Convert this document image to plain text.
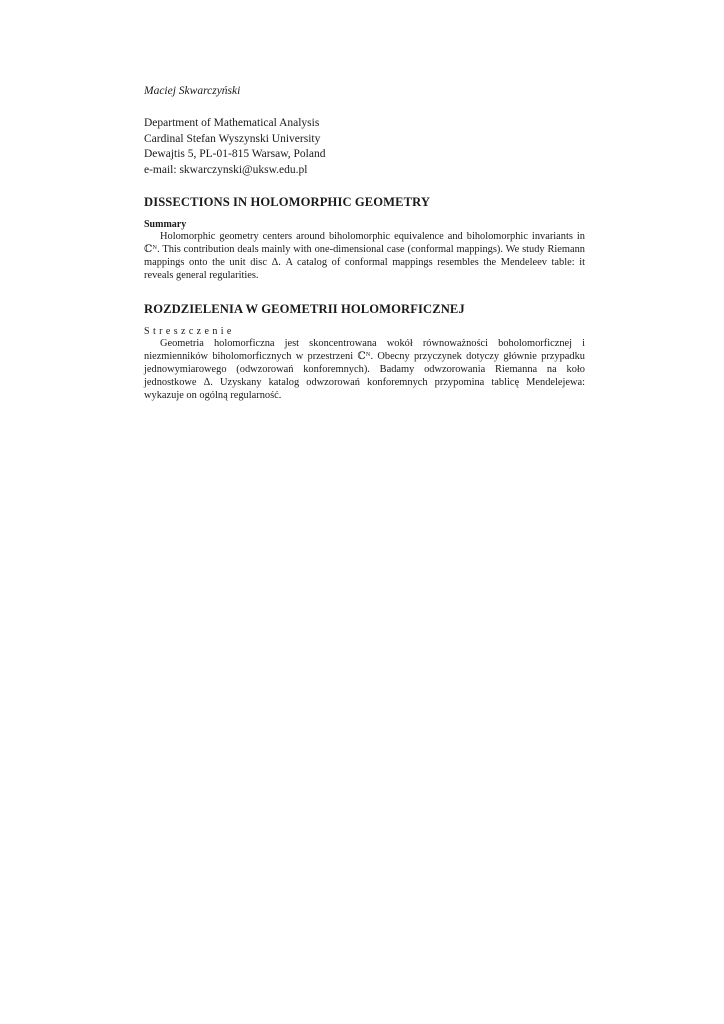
Maciej Skwarczyński

Department of Mathematical Analysis
Cardinal Stefan Wyszynski University
Dewajtis 5, PL-01-815 Warsaw, Poland
e-mail: skwarczynski@uksw.edu.pl
DISSECTIONS IN HOLOMORPHIC GEOMETRY
Summary

Holomorphic geometry centers around biholomorphic equivalence and biholomorphic invariants in ℂᴺ. This contribution deals mainly with one-dimensional case (conformal mappings). We study Riemann mappings onto the unit disc Δ. A catalog of conformal mappings resembles the Mendeleev table: it reveals general regularities.

ROZDZIELENIA W GEOMETRII HOLOMORFICZNEJ
Streszczenie

Geometria holomorficzna jest skoncentrowana wokół równoważności boholomorficznej i niezmienników biholomorficznych w przestrzeni ℂᴺ. Obecny przyczynek dotyczy głównie przypadku jednowymiarowego (odwzorowań konforemnych). Badamy odwzorowania Riemanna na koło jednostkowe Δ. Uzyskany katalog odwzorowań konforemnych przypomina tablicę Mendelejewa: wykazuje on ogólną regularność.
